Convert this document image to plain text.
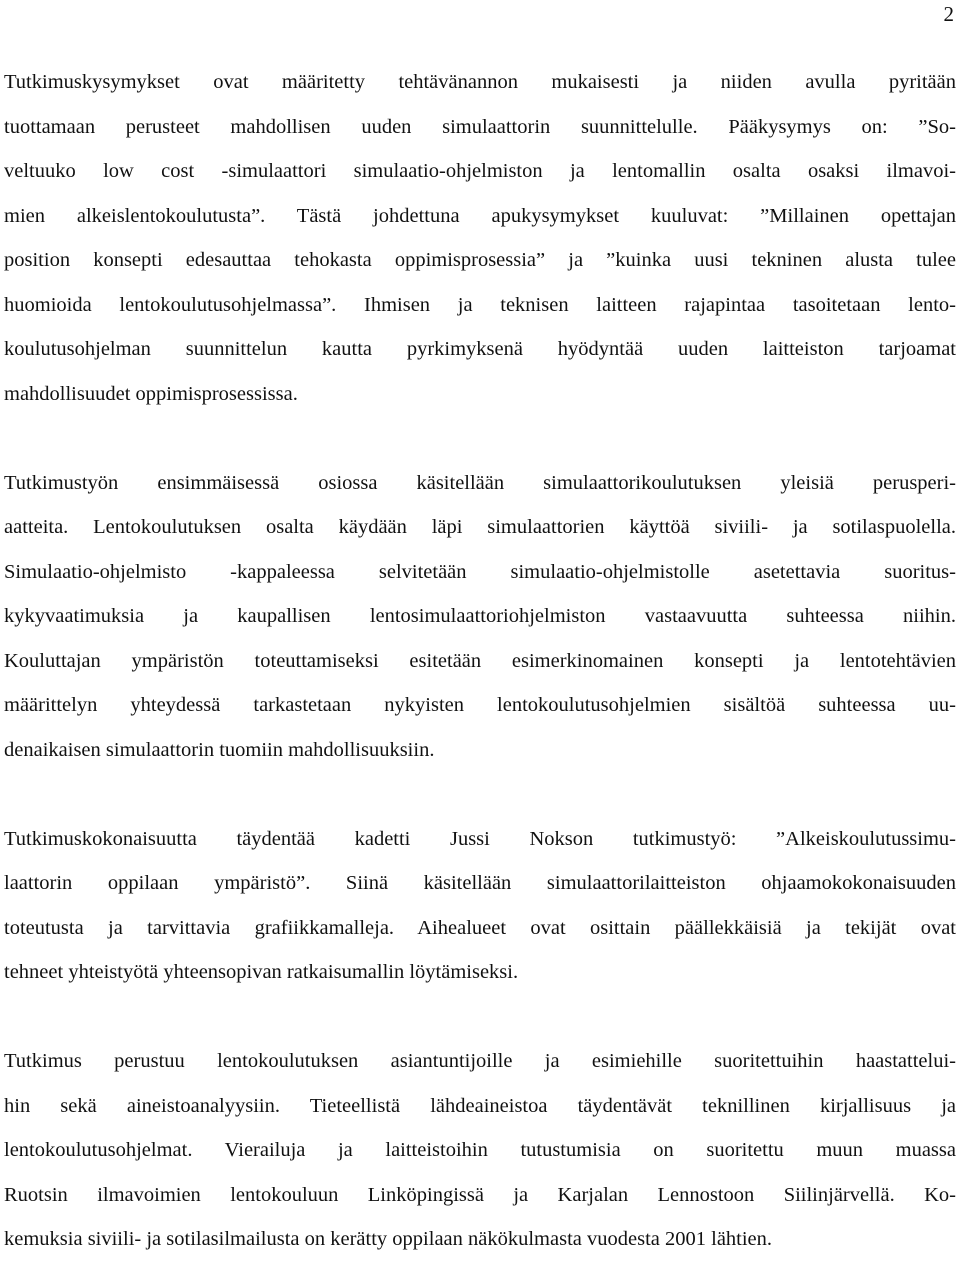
2

Tutkimuskysymykset ovat määritetty tehtävänannon mukaisesti ja niiden avulla pyritään
tuottamaan perusteet mahdollisen uuden simulaattorin suunnittelulle. Pääkysymys on: ”So-
veltuuko low cost -simulaattori simulaatio-ohjelmiston ja lentomallin osalta osaksi ilmavoi-
mien alkeislentokoulutusta”. Tästä johdettuna apukysymykset kuuluvat: ”Millainen opettajan
position konsepti edesauttaa tehokasta oppimisprosessia” ja ”kuinka uusi tekninen alusta tulee
huomioida lentokoulutusohjelmassa”. Ihmisen ja teknisen laitteen rajapintaa tasoitetaan lento-
koulutusohjelman suunnittelun kautta pyrkimyksenä hyödyntää uuden laitteiston tarjoamat
mahdollisuudet oppimisprosessissa.

Tutkimustyön ensimmäisessä osiossa käsitellään simulaattorikoulutuksen yleisiä perusperi-
aatteita. Lentokoulutuksen osalta käydään läpi simulaattorien käyttöä siviili- ja sotilaspuolella.
Simulaatio-ohjelmisto -kappaleessa selvitetään simulaatio-ohjelmistolle asetettavia suoritus-
kykyvaatimuksia ja kaupallisen lentosimulaattoriohjelmiston vastaavuutta suhteessa niihin.
Kouluttajan ympäristön toteuttamiseksi esitetään esimerkinomainen konsepti ja lentotehtävien
määrittelyn yhteydessä tarkastetaan nykyisten lentokoulutusohjelmien sisältöä suhteessa uu-
denaikaisen simulaattorin tuomiin mahdollisuuksiin.

Tutkimuskokonaisuutta täydentää kadetti Jussi Nokson tutkimustyö: ”Alkeiskoulutussimu-
laattorin oppilaan ympäristö”. Siinä käsitellään simulaattorilaitteiston ohjaamokokonaisuuden
toteutusta ja tarvittavia grafiikkamalleja. Aihealueet ovat osittain päällekkäisiä ja tekijät ovat
tehneet yhteistyötä yhteensopivan ratkaisumallin löytämiseksi.

Tutkimus perustuu lentokoulutuksen asiantuntijoille ja esimiehille suoritettuihin haastattelui-
hin sekä aineistoanalyysiin. Tieteellistä lähdeaineistoa täydentävät teknillinen kirjallisuus ja
lentokoulutusohjelmat. Vierailuja ja laitteistoihin tutustumisia on suoritettu muun muassa
Ruotsin ilmavoimien lentokouluun Linköpingissä ja Karjalan Lennostoon Siilinjärvellä. Ko-
kemuksia siviili- ja sotilasilmailusta on kerätty oppilaan näkökulmasta vuodesta 2001 lähtien.
